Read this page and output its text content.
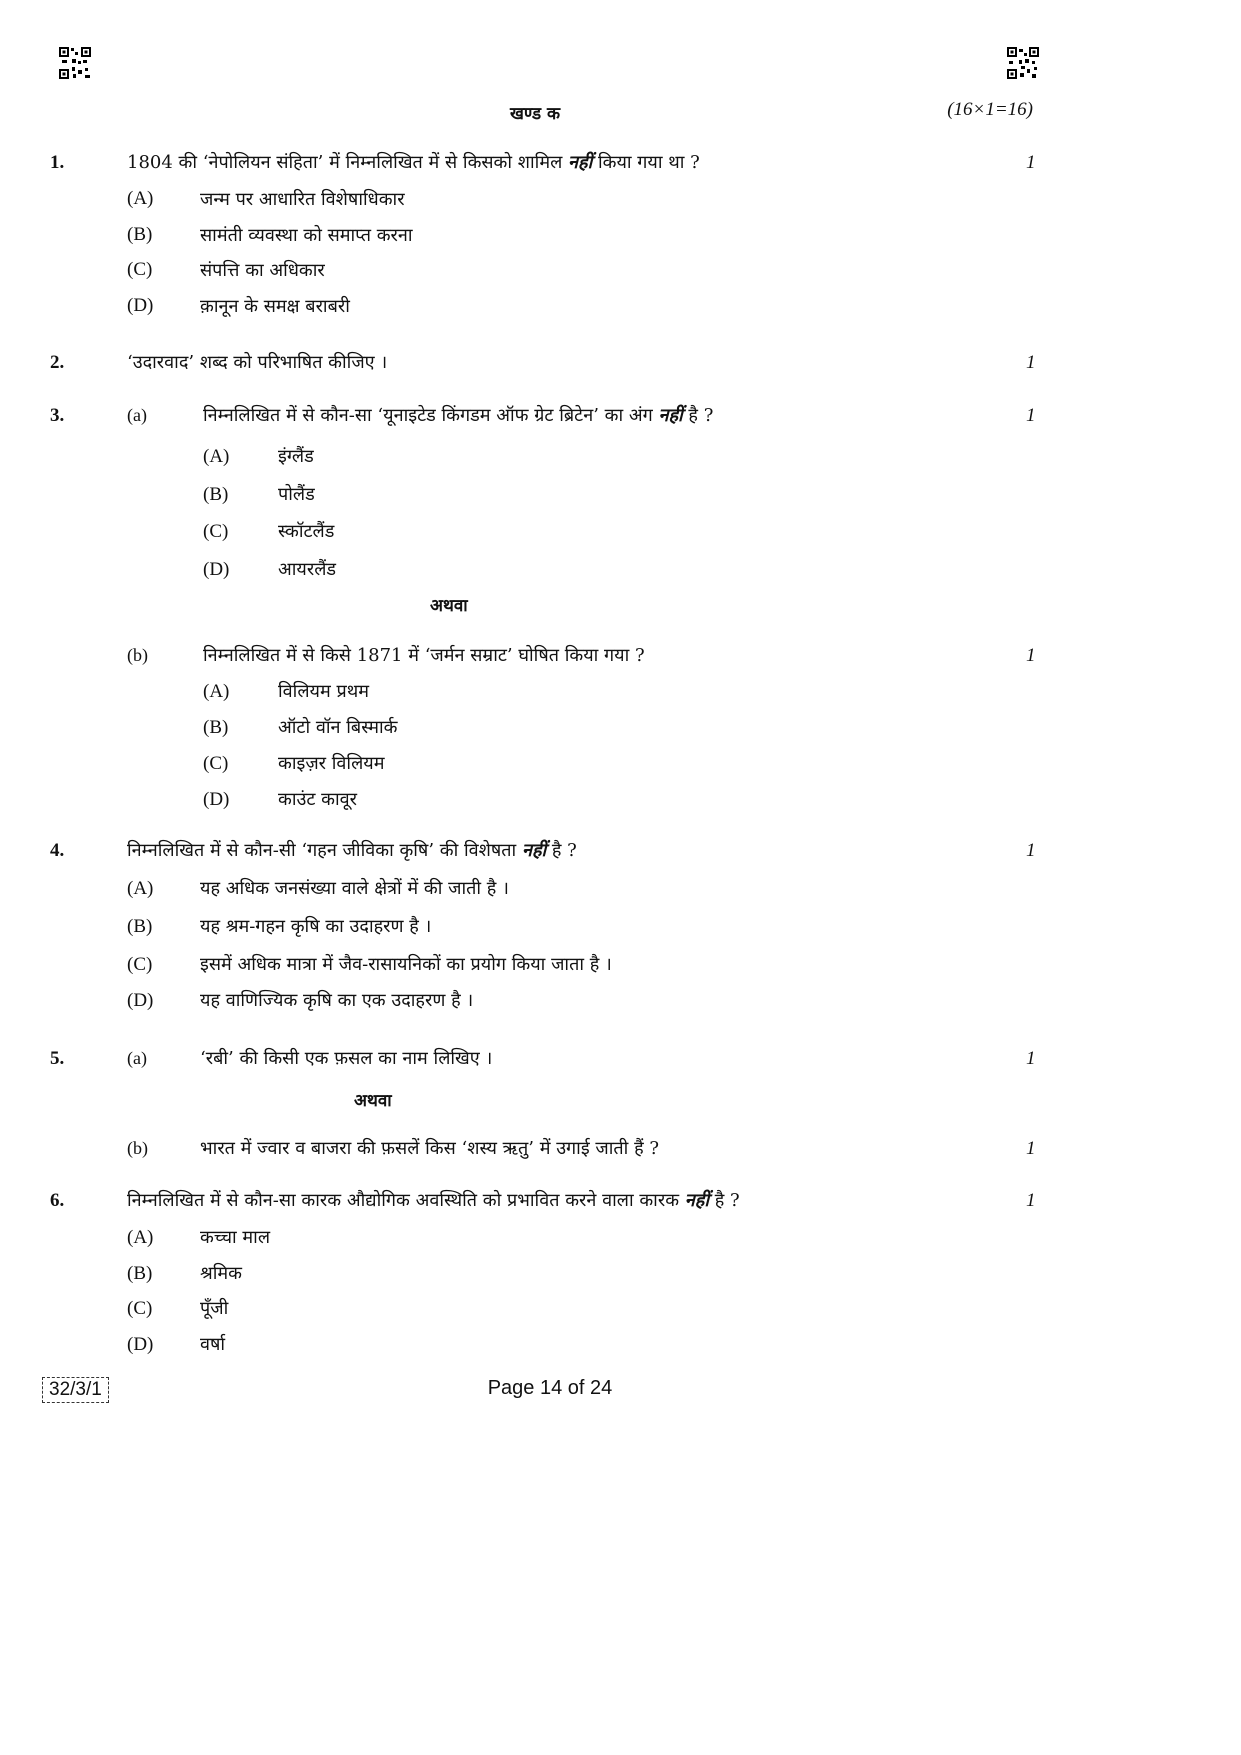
खण्ड क	(16×1=16)
1.	1804 की ‘नेपोलियन संहिता’ में निम्नलिखित में से किसको शामिल नहीं किया गया था ?	1
(A)	जन्म पर आधारित विशेषाधिकार
(B)	सामंती व्यवस्था को समाप्त करना
(C)	संपत्ति का अधिकार
(D)	क़ानून के समक्ष बराबरी
2.	‘उदारवाद’ शब्द को परिभाषित कीजिए ।	1
3.	(a)	निम्नलिखित में से कौन-सा ‘यूनाइटेड किंगडम ऑफ ग्रेट ब्रिटेन’ का अंग नहीं है ?	1
(A)	इंग्लैंड
(B)	पोलैंड
(C)	स्कॉटलैंड
(D)	आयरलैंड
अथवा
(b)	निम्नलिखित में से किसे 1871 में ‘जर्मन सम्राट’ घोषित किया गया ?	1
(A)	विलियम प्रथम
(B)	ऑटो वॉन बिस्मार्क
(C)	काइज़र विलियम
(D)	काउंट कावूर
4.	निम्नलिखित में से कौन-सी ‘गहन जीविका कृषि’ की विशेषता नहीं है ?	1
(A)	यह अधिक जनसंख्या वाले क्षेत्रों में की जाती है ।
(B)	यह श्रम-गहन कृषि का उदाहरण है ।
(C)	इसमें अधिक मात्रा में जैव-रासायनिकों का प्रयोग किया जाता है ।
(D)	यह वाणिज्यिक कृषि का एक उदाहरण है ।
5.	(a)	‘रबी’ की किसी एक फ़सल का नाम लिखिए ।	1
अथवा
(b)	भारत में ज्वार व बाजरा की फ़सलें किस ‘शस्य ऋतु’ में उगाई जाती हैं ?	1
6.	निम्नलिखित में से कौन-सा कारक औद्योगिक अवस्थिति को प्रभावित करने वाला कारक नहीं है ?	1
(A)	कच्चा माल
(B)	श्रमिक
(C)	पूँजी
(D)	वर्षा
32/3/1	Page 14 of 24
